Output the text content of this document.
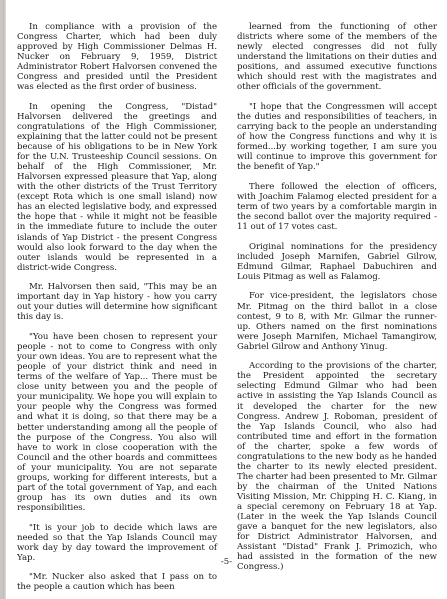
In compliance with a provision of the Congress Charter, which had been duly approved by High Commissioner Delmas H. Nucker on February 9, 1959, District Administrator Robert Halvorsen convened the Congress and presided until the President was elected as the first order of business.

In opening the Congress, "Distad" Halvorsen delivered the greetings and congratulations of the High Commissioner, explaining that the latter could not be present because of his obligations to be in New York for the U.N. Trusteeship Council sessions. On behalf of the High Commissioner, Mr. Halvorsen expressed pleasure that Yap, along with the other districts of the Trust Territory (except Rota which is one small island) now has an elected legislative body, and expressed the hope that - while it might not be feasible in the immediate future to include the outer islands of Yap District - the present Congress would also look forward to the day when the outer islands would be represented in a district-wide Congress.

Mr. Halvorsen then said, "This may be an important day in Yap history - how you carry out your duties will determine how significant this day is.

"You have been chosen to represent your people - not to come to Congress with only your own ideas. You are to represent what the people of your district think and need in terms of the welfare of Yap... There must be close unity between you and the people of your municipality. We hope you will explain to your people why the Congress was formed and what it is doing, so that there may be a better understanding among all the people of the purpose of the Congress. You also will have to work in close cooperation with the Council and the other boards and committees of your municipality. You are not separate groups, working for different interests, but a part of the total government of Yap, and each group has its own duties and its own responsibilities.

"It is your job to decide which laws are needed so that the Yap Islands Council may work day by day toward the improvement of Yap.

"Mr. Nucker also asked that I pass on to the people a caution which has been

learned from the functioning of other districts where some of the members of the newly elected congresses did not fully understand the limitations on their duties and positions, and assumed executive functions which should rest with the magistrates and other officials of the government.

"I hope that the Congressmen will accept the duties and responsibilities of teachers, in carrying back to the people an understanding of how the Congress functions and why it is formed...by working together, I am sure you will continue to improve this government for the benefit of Yap."

There followed the election of officers, with Joachim Falamog elected president for a term of two years by a comfortable margin in the second ballot over the majority required - 11 out of 17 votes cast.

Original nominations for the presidency included Joseph Marnifen, Gabriel Gilrow, Edmund Gilmar, Raphael Dabuchiren and Louis Pitmag as well as Falamog.

For vice-president, the legislators chose Mr. Pitmag on the third ballot in a close contest, 9 to 8, with Mr. Gilmar the runner-up. Others named on the first nominations were Joseph Marnifen, Michael Tamangirow, Gabriel Gilrow and Anthony Yinug.

According to the provisions of the charter, the President appointed the secretary selecting Edmund Gilmar who had been active in assisting the Yap Islands Council as it developed the charter for the new Congress. Andrew J. Roboman, president of the Yap Islands Council, who also had contributed time and effort in the formation of the charter, spoke a few words of congratulations to the new body as he handed the charter to its newly elected president. The charter had been presented to Mr. Gilmar by the chairman of the United Nations Visiting Mission, Mr. Chipping H. C. Kiang, in a special ceremony on February 18 at Yap. (Later in the week the Yap Islands Council gave a banquet for the new legislators, also for District Administrator Halvorsen, and Assistant "Distad" Frank J. Primozich, who had assisted in the formation of the new Congress.)

-5-
